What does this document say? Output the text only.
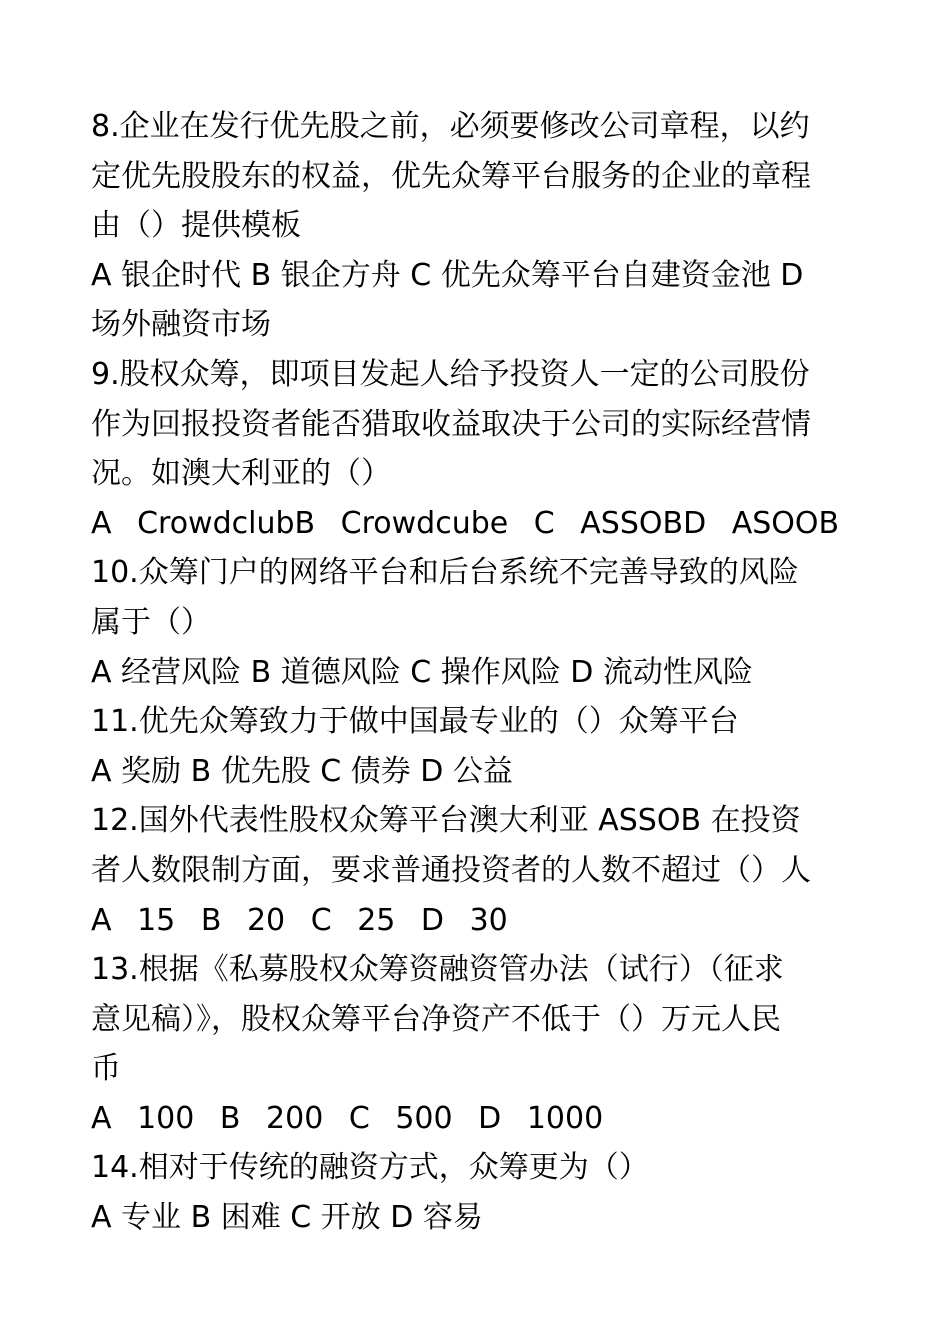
8.企业在发行优先股之前，必须要修改公司章程，以约
定优先股股东的权益，优先众筹平台服务的企业的章程
由（）提供模板
A 银企时代 B 银企方舟 C 优先众筹平台自建资金池 D
场外融资市场
9.股权众筹，即项目发起人给予投资人一定的公司股份
作为回报投资者能否猎取收益取决于公司的实际经营情
况。如澳大利亚的（）
A CrowdclubB Crowdcube C ASSOBD ASOOB
10.众筹门户的网络平台和后台系统不完善导致的风险
属于（）
A 经营风险 B 道德风险 C 操作风险 D 流动性风险
11.优先众筹致力于做中国最专业的（）众筹平台
A 奖励 B 优先股 C 债券 D 公益
12.国外代表性股权众筹平台澳大利亚 ASSOB 在投资
者人数限制方面，要求普通投资者的人数不超过（）人
A 15 B 20 C 25 D 30
13.根据《私募股权众筹资融资管办法（试行）（征求
意见稿）》，股权众筹平台净资产不低于（）万元人民
币
A 100 B 200 C 500 D 1000
14.相对于传统的融资方式，众筹更为（）
A 专业 B 困难 C 开放 D 容易
